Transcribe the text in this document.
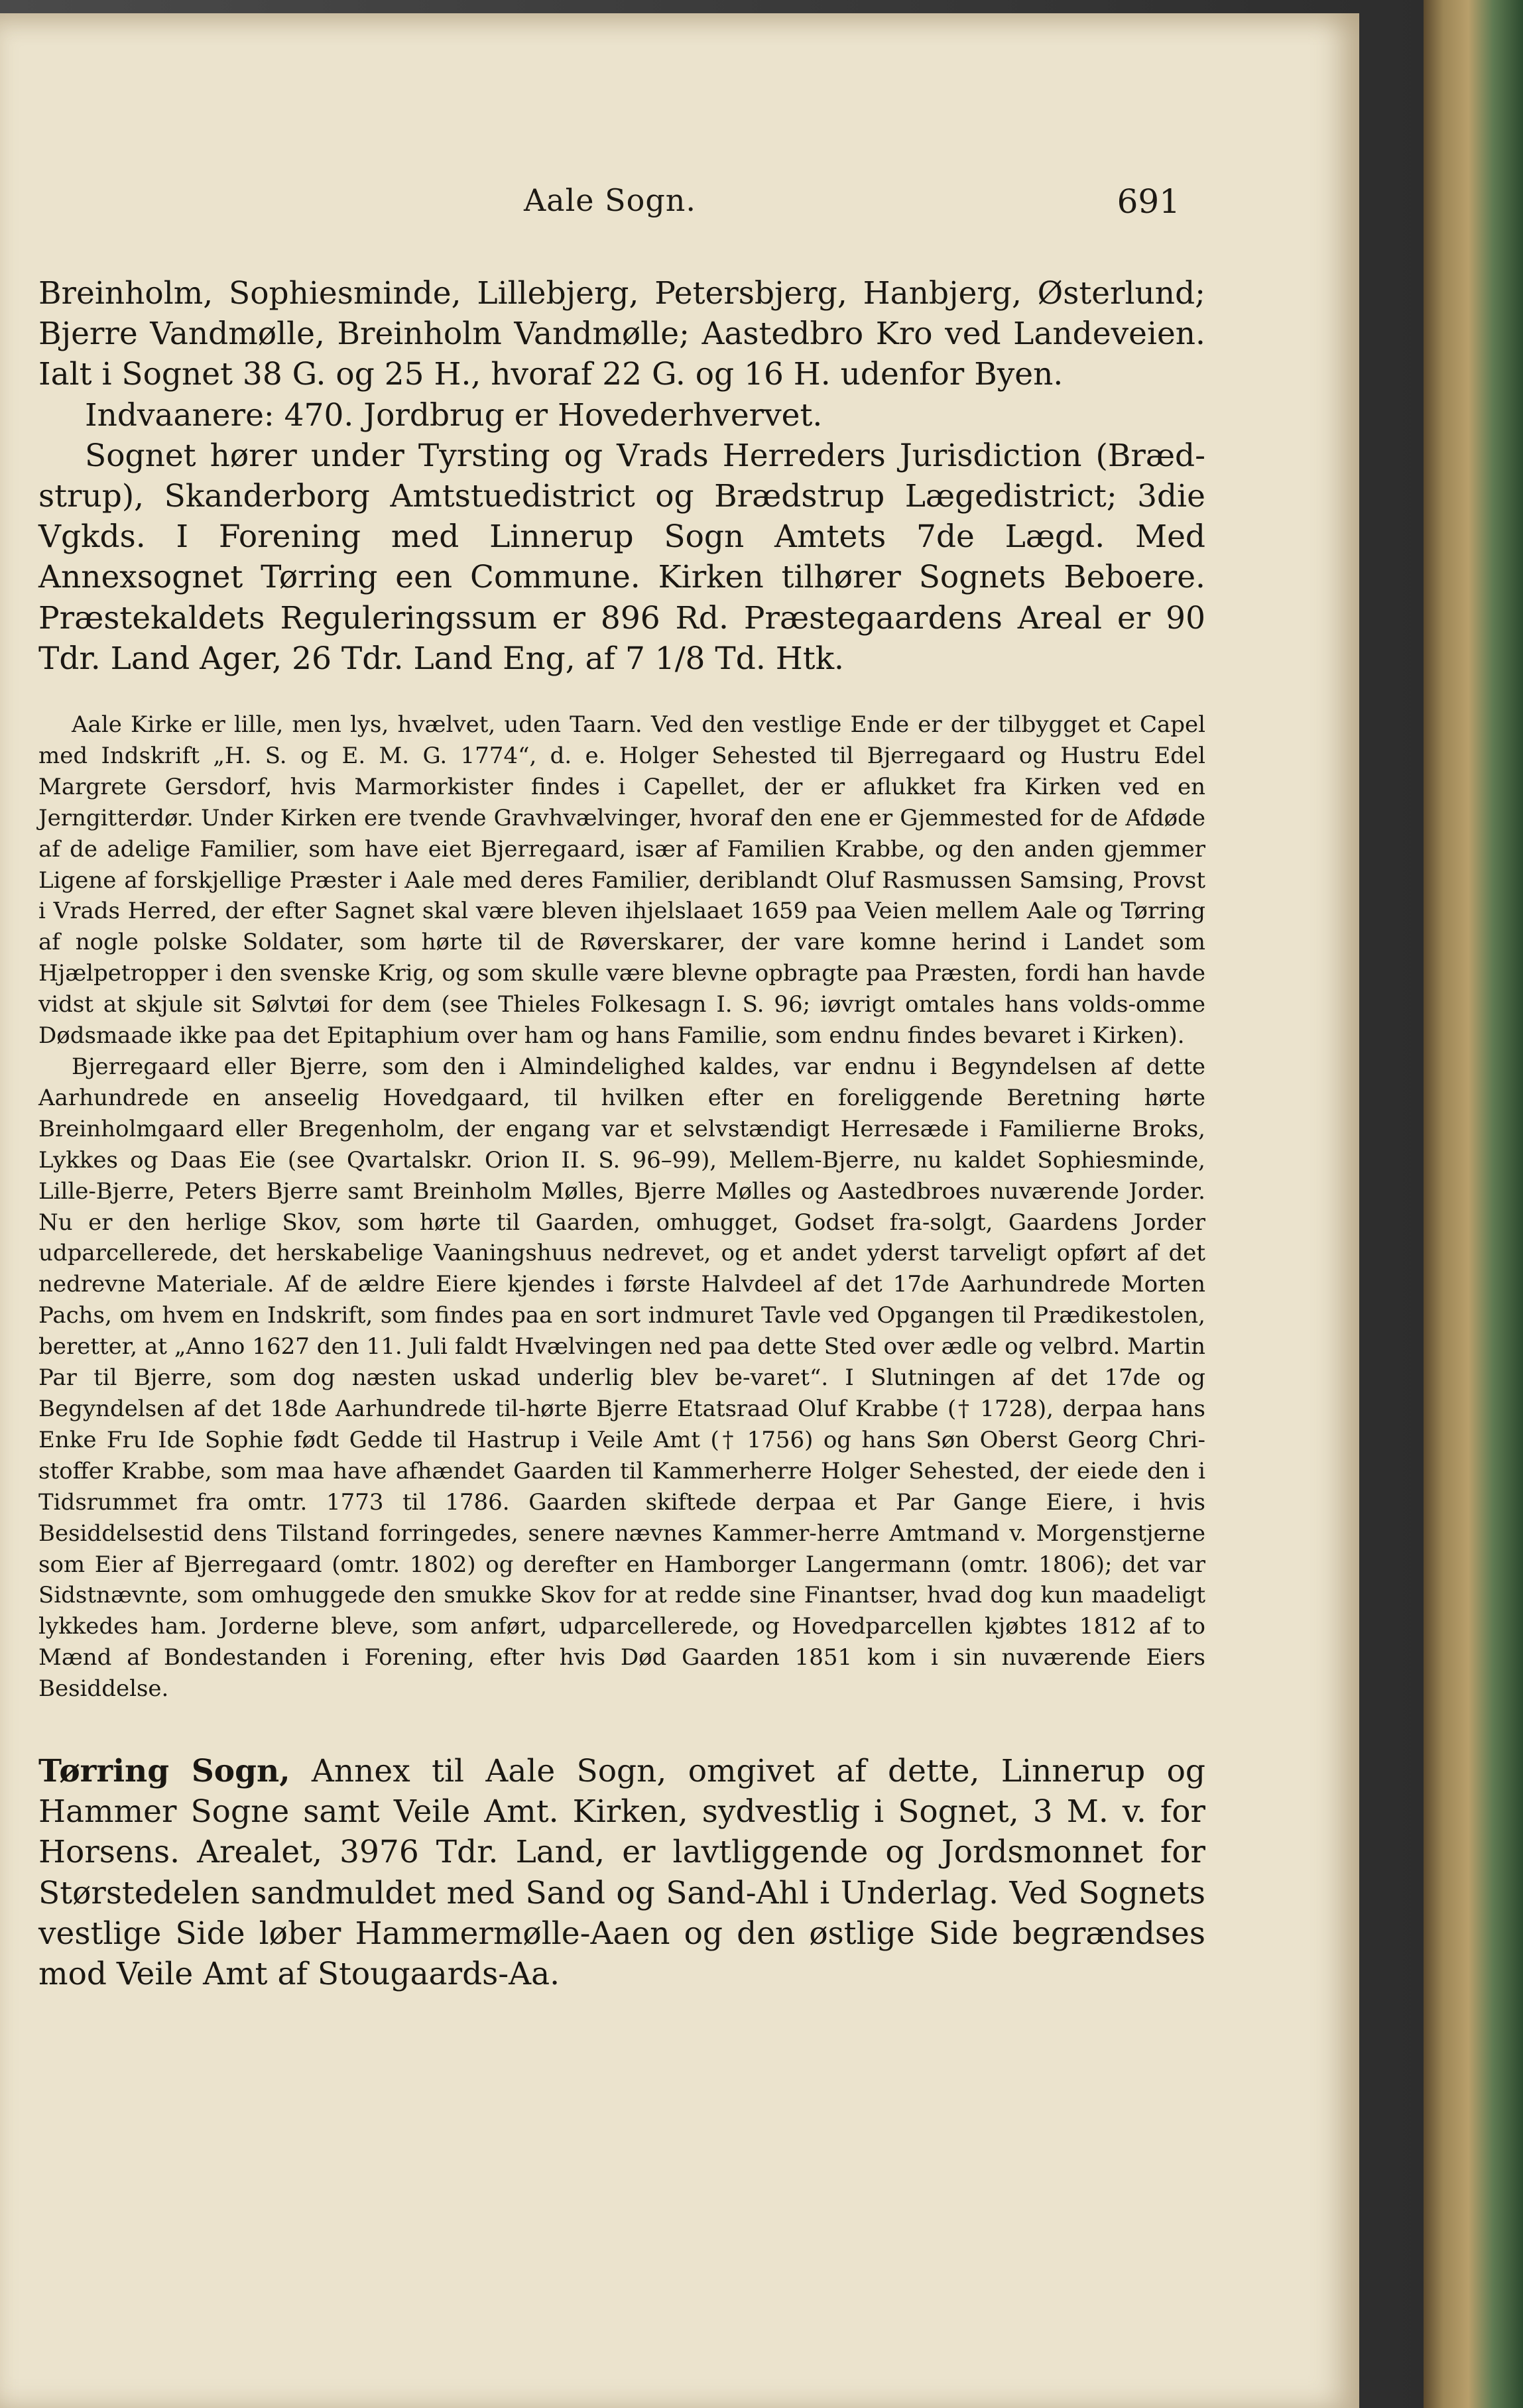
Aale Sogn.	691

Breinholm, Sophiesminde, Lillebjerg, Petersbjerg, Hanbjerg, Østerlund; Bjerre Vandmølle, Breinholm Vandmølle; Aastedbro Kro ved Landeveien. Ialt i Sognet 38 G. og 25 H., hvoraf 22 G. og 16 H. udenfor Byen.

Indvaanere: 470. Jordbrug er Hovederhvervet.

Sognet hører under Tyrsting og Vrads Herreders Jurisdiction (Bræd-strup), Skanderborg Amtstuedistrict og Brædstrup Lægedistrict; 3die Vgkds. I Forening med Linnerup Sogn Amtets 7de Lægd. Med Annexsognet Tørring een Commune. Kirken tilhører Sognets Beboere. Præstekaldets Reguleringssum er 896 Rd. Præstegaardens Areal er 90 Tdr. Land Ager, 26 Tdr. Land Eng, af 7 1/8 Td. Htk.

Aale Kirke er lille, men lys, hvælvet, uden Taarn. Ved den vestlige Ende er der tilbygget et Capel med Indskrift „H. S. og E. M. G. 1774“, d. e. Holger Sehested til Bjerregaard og Hustru Edel Margrete Gersdorf, hvis Marmorkister findes i Capellet, der er aflukket fra Kirken ved en Jerngitterdør. Under Kirken ere tvende Gravhvælvinger, hvoraf den ene er Gjemmested for de Afdøde af de adelige Familier, som have eiet Bjerregaard, især af Familien Krabbe, og den anden gjemmer Ligene af forskjellige Præster i Aale med deres Familier, deriblandt Oluf Rasmussen Samsing, Provst i Vrads Herred, der efter Sagnet skal være bleven ihjelslaaet 1659 paa Veien mellem Aale og Tørring af nogle polske Soldater, som hørte til de Røverskarer, der vare komne herind i Landet som Hjælpetropper i den svenske Krig, og som skulle være blevne opbragte paa Præsten, fordi han havde vidst at skjule sit Sølvtøi for dem (see Thieles Folkesagn I. S. 96; iøvrigt omtales hans volds-omme Dødsmaade ikke paa det Epitaphium over ham og hans Familie, som endnu findes bevaret i Kirken).

Bjerregaard eller Bjerre, som den i Almindelighed kaldes, var endnu i Begyndelsen af dette Aarhundrede en anseelig Hovedgaard, til hvilken efter en foreliggende Beretning hørte Breinholmgaard eller Bregenholm, der engang var et selvstændigt Herresæde i Familierne Broks, Lykkes og Daas Eie (see Qvartalskr. Orion II. S. 96–99), Mellem-Bjerre, nu kaldet Sophiesminde, Lille-Bjerre, Peters Bjerre samt Breinholm Mølles, Bjerre Mølles og Aastedbroes nuværende Jorder. Nu er den herlige Skov, som hørte til Gaarden, omhugget, Godset fra-solgt, Gaardens Jorder udparcellerede, det herskabelige Vaaningshuus nedrevet, og et andet yderst tarveligt opført af det nedrevne Materiale. Af de ældre Eiere kjendes i første Halvdeel af det 17de Aarhundrede Morten Pachs, om hvem en Indskrift, som findes paa en sort indmuret Tavle ved Opgangen til Prædikestolen, beretter, at „Anno 1627 den 11. Juli faldt Hvælvingen ned paa dette Sted over ædle og velbrd. Martin Par til Bjerre, som dog næsten uskad underlig blev be-varet“. I Slutningen af det 17de og Begyndelsen af det 18de Aarhundrede til-hørte Bjerre Etatsraad Oluf Krabbe († 1728), derpaa hans Enke Fru Ide Sophie født Gedde til Hastrup i Veile Amt († 1756) og hans Søn Oberst Georg Chri-stoffer Krabbe, som maa have afhændet Gaarden til Kammerherre Holger Sehested, der eiede den i Tidsrummet fra omtr. 1773 til 1786. Gaarden skiftede derpaa et Par Gange Eiere, i hvis Besiddelsestid dens Tilstand forringedes, senere nævnes Kammer-herre Amtmand v. Morgenstjerne som Eier af Bjerregaard (omtr. 1802) og derefter en Hamborger Langermann (omtr. 1806); det var Sidstnævnte, som omhuggede den smukke Skov for at redde sine Finantser, hvad dog kun maadeligt lykkedes ham. Jorderne bleve, som anført, udparcellerede, og Hovedparcellen kjøbtes 1812 af to Mænd af Bondestanden i Forening, efter hvis Død Gaarden 1851 kom i sin nuværende Eiers Besiddelse.

Tørring Sogn, Annex til Aale Sogn, omgivet af dette, Linnerup og Hammer Sogne samt Veile Amt. Kirken, sydvestlig i Sognet, 3 M. v. for Horsens. Arealet, 3976 Tdr. Land, er lavtliggende og Jordsmonnet for Størstedelen sandmuldet med Sand og Sand-Ahl i Underlag. Ved Sognets vestlige Side løber Hammermølle-Aaen og den østlige Side begrændses mod Veile Amt af Stougaards-Aa.
